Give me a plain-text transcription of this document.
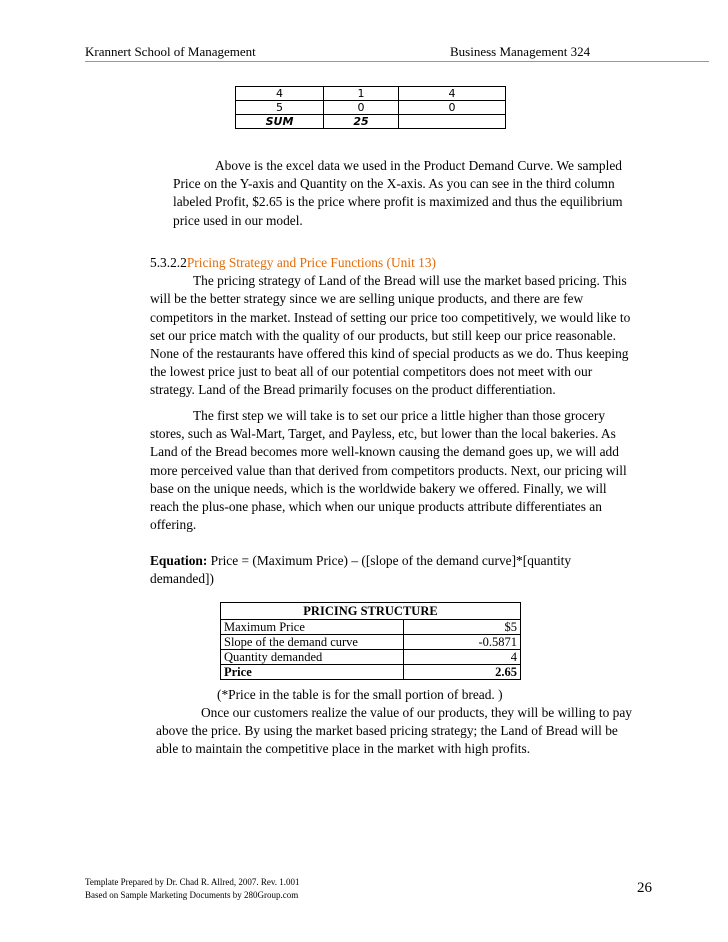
Krannert School of Management	Business Management 324
4	1	4
5	0	0
SUM	25	
Above is the excel data we used in the Product Demand Curve. We sampled
Price on the Y-axis and Quantity on the X-axis. As you can see in the third column
labeled Profit, $2.65 is the price where profit is maximized and thus the equilibrium
price used in our model.
5.3.2.2Pricing Strategy and Price Functions (Unit 13)
The pricing strategy of Land of the Bread will use the market based pricing. This
will be the better strategy since we are selling unique products, and there are few
competitors in the market. Instead of setting our price too competitively, we would like to
set our price match with the quality of our products, but still keep our price reasonable.
None of the restaurants have offered this kind of special products as we do. Thus keeping
the lowest price just to beat all of our potential competitors does not meet with our
strategy. Land of the Bread primarily focuses on the product differentiation.
The first step we will take is to set our price a little higher than those grocery
stores, such as Wal-Mart, Target, and Payless, etc, but lower than the local bakeries. As
Land of the Bread becomes more well-known causing the demand goes up, we will add
more perceived value than that derived from competitors products. Next, our pricing will
base on the unique needs, which is the worldwide bakery we offered. Finally, we will
reach the plus-one phase, which when our unique products attribute differentiates an
offering.
Equation: Price = (Maximum Price) – ([slope of the demand curve]*[quantity
demanded])
PRICING STRUCTURE	
Maximum Price	$5
Slope of the demand curve	-0.5871
Quantity demanded	4
Price	2.65
(*Price in the table is for the small portion of bread. )
Once our customers realize the value of our products, they will be willing to pay
above the price. By using the market based pricing strategy; the Land of Bread will be
able to maintain the competitive place in the market with high profits.
Template Prepared by Dr. Chad R. Allred, 2007. Rev. 1.001
Based on Sample Marketing Documents by 280Group.com	26
